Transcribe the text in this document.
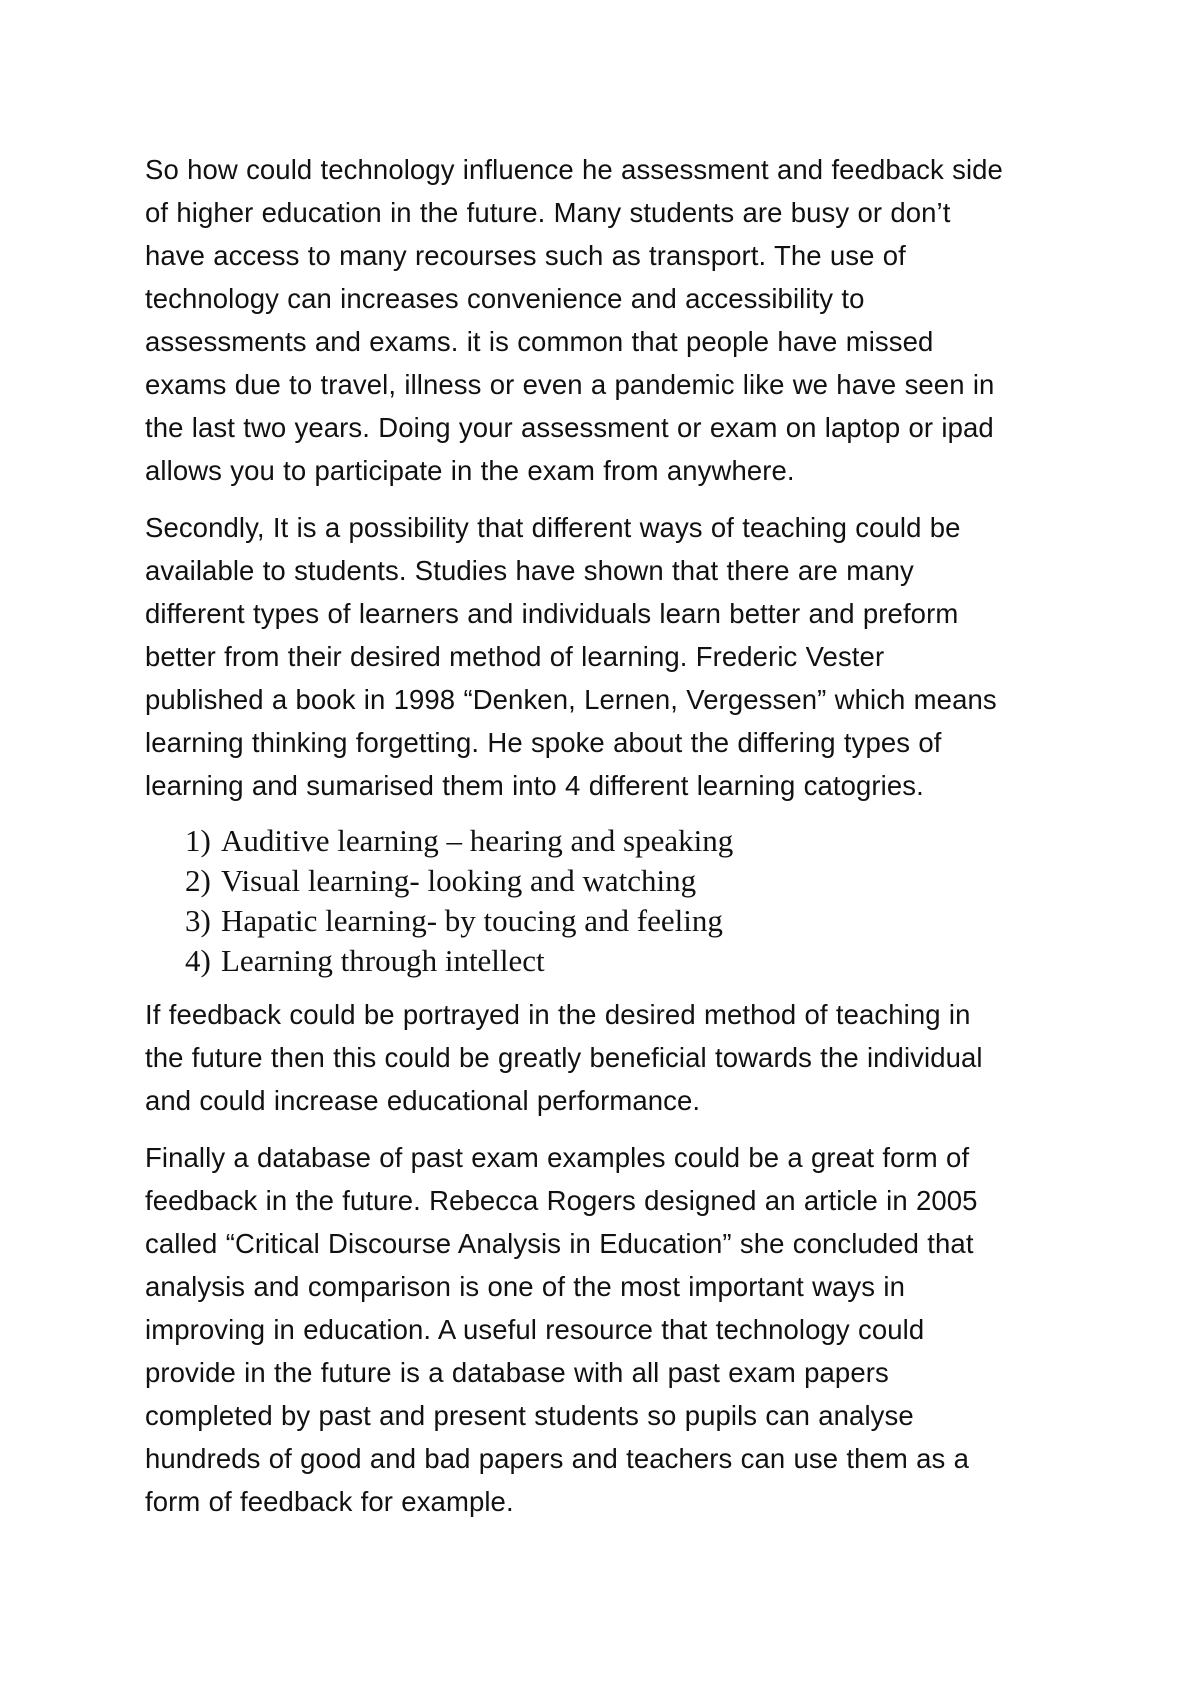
So how could technology influence he assessment and feedback side
of higher education in the future. Many students are busy or don’t
have access to many recourses such as transport. The use of
technology can increases convenience and accessibility to
assessments and exams. it is common that people have missed
exams due to travel, illness or even a pandemic like we have seen in
the last two years. Doing your assessment or exam on laptop or ipad
allows you to participate in the exam from anywhere.

Secondly, It is a possibility that different ways of teaching could be
available to students. Studies have shown that there are many
different types of learners and individuals learn better and preform
better from their desired method of learning. Frederic Vester
published a book in 1998 “Denken, Lernen, Vergessen” which means
learning thinking forgetting. He spoke about the differing types of
learning and sumarised them into 4 different learning catogries.

1) Auditive learning – hearing and speaking
2) Visual learning- looking and watching
3) Hapatic learning- by toucing and feeling
4) Learning through intellect

If feedback could be portrayed in the desired method of teaching in
the future then this could be greatly beneficial towards the individual
and could increase educational performance.

Finally a database of past exam examples could be a great form of
feedback in the future. Rebecca Rogers designed an article in 2005
called “Critical Discourse Analysis in Education” she concluded that
analysis and comparison is one of the most important ways in
improving in education. A useful resource that technology could
provide in the future is a database with all past exam papers
completed by past and present students so pupils can analyse
hundreds of good and bad papers and teachers can use them as a
form of feedback for example.
